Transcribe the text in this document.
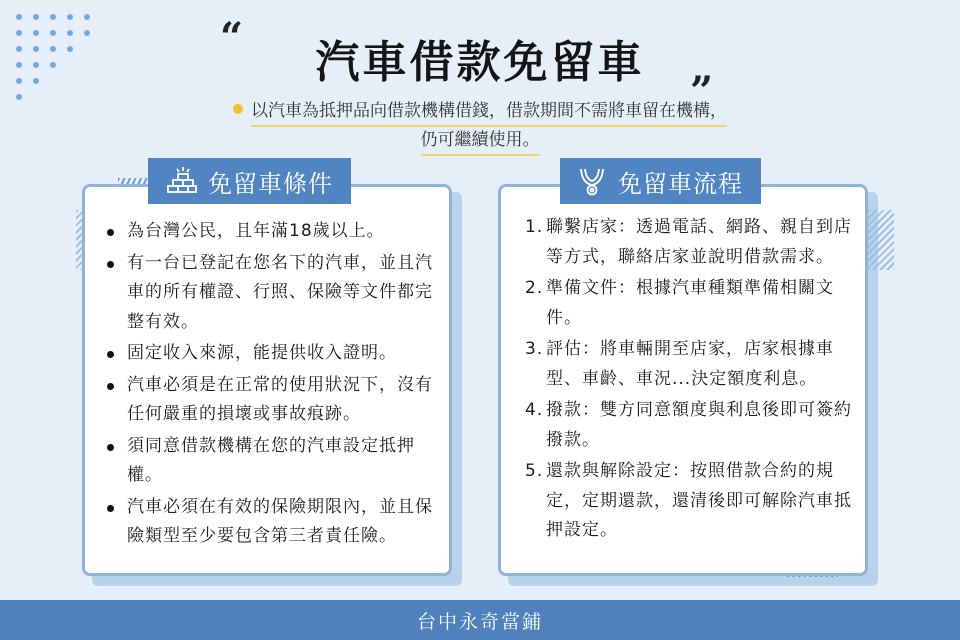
“
”
汽車借款免留車
以汽車為抵押品向借款機構借錢，借款期間不需將車留在機構，
仍可繼續使用。
為台灣公民，且年滿18歲以上。
有一台已登記在您名下的汽車，並且汽車的所有權證、行照、保險等文件都完整有效。
固定收入來源，能提供收入證明。
汽車必須是在正常的使用狀況下，沒有任何嚴重的損壞或事故痕跡。
須同意借款機構在您的汽車設定抵押權。
汽車必須在有效的保險期限內，並且保險類型至少要包含第三者責任險。
免留車條件
1. 聯繫店家：透過電話、網路、親自到店等方式，聯絡店家並說明借款需求。
2. 準備文件：根據汽車種類準備相關文件。
3. 評估：將車輛開至店家，店家根據車型、車齡、車況...決定額度利息。
4. 撥款：雙方同意額度與利息後即可簽約撥款。
5. 還款與解除設定：按照借款合約的規定，定期還款，還清後即可解除汽車抵押設定。
免留車流程
台中永奇當鋪
